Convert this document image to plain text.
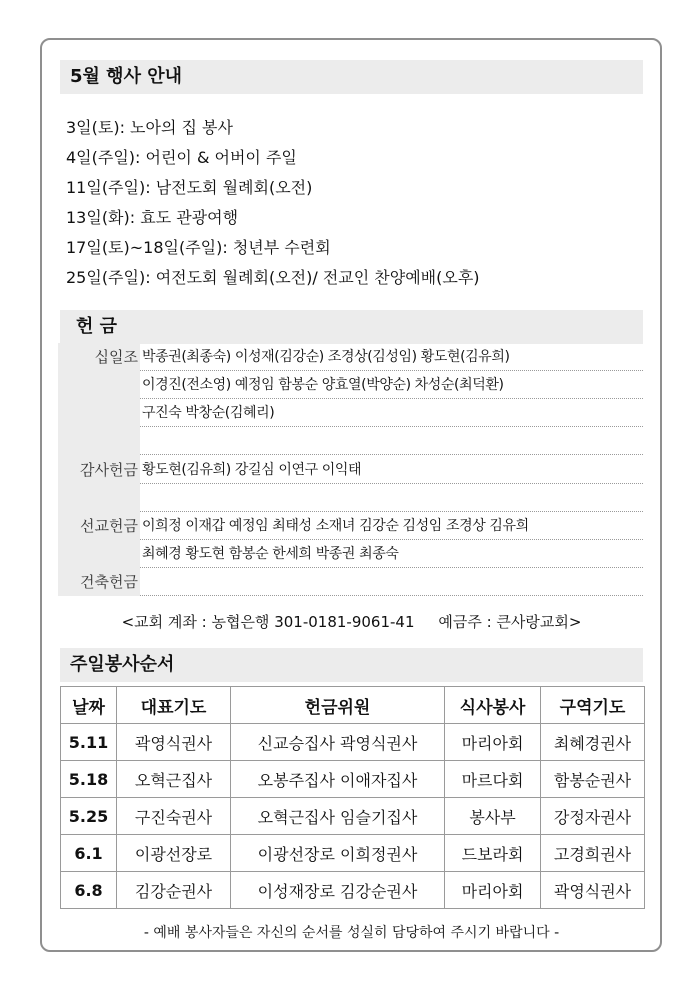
5월 행사 안내
3일(토): 노아의 집 봉사
4일(주일): 어린이 & 어버이 주일
11일(주일): 남전도회 월례회(오전)
13일(화): 효도 관광여행
17일(토)~18일(주일): 청년부 수련회
25일(주일): 여전도회 월례회(오전)/ 전교인 찬양예배(오후)
헌 금
십일조 박종권(최종숙) 이성재(김강순) 조경상(김성임) 황도현(김유희)
이경진(전소영) 예정임 함봉순 양효열(박양순) 차성순(최덕환)
구진숙 박창순(김혜리)
감사헌금 황도현(김유희) 강길심 이연구 이익태
선교헌금 이희정 이재갑 예정임 최태성 소재녀 김강순 김성임 조경상 김유희
최혜경 황도현 함봉순 한세희 박종권 최종숙
건축헌금
<교회 계좌 : 농협은행 301-0181-9061-41     예금주 : 큰사랑교회>
주일봉사순서
날짜	대표기도	헌금위원	식사봉사	구역기도
5.11	곽영식권사	신교승집사 곽영식권사	마리아회	최혜경권사
5.18	오혁근집사	오봉주집사 이애자집사	마르다회	함봉순권사
5.25	구진숙권사	오혁근집사 임슬기집사	봉사부	강정자권사
6.1	이광선장로	이광선장로 이희정권사	드보라회	고경희권사
6.8	김강순권사	이성재장로 김강순권사	마리아회	곽영식권사
- 예배 봉사자들은 자신의 순서를 성실히 담당하여 주시기 바랍니다 -
